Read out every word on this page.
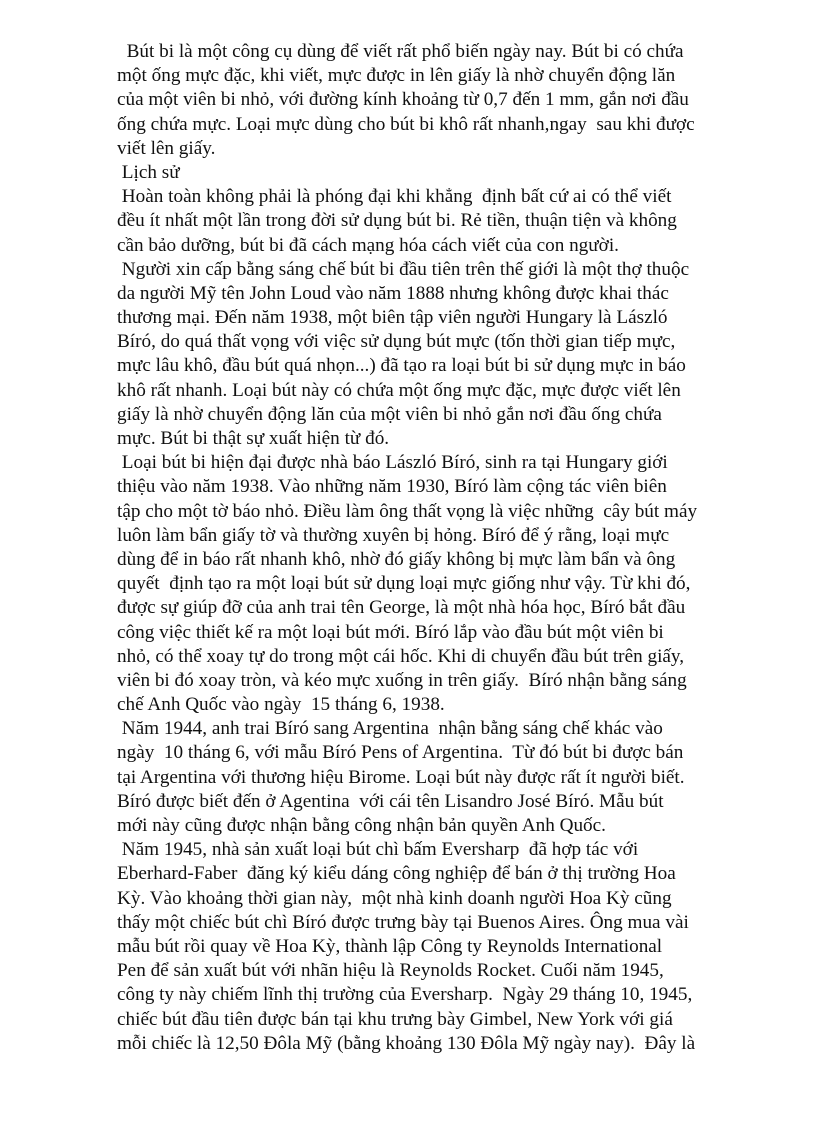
Bút bi là một công cụ dùng để viết rất phổ biến ngày nay. Bút bi có chứa
một ống mực đặc, khi viết, mực được in lên giấy là nhờ chuyển động lăn
của một viên bi nhỏ, với đường kính khoảng từ 0,7 đến 1 mm, gắn nơi đầu
ống chứa mực. Loại mực dùng cho bút bi khô rất nhanh,ngay  sau khi được
viết lên giấy.
Lịch sử
Hoàn toàn không phải là phóng đại khi khẳng  định bất cứ ai có thể viết
đều ít nhất một lần trong đời sử dụng bút bi. Rẻ tiền, thuận tiện và không
cần bảo dưỡng, bút bi đã cách mạng hóa cách viết của con người.
Người xin cấp bằng sáng chế bút bi đầu tiên trên thế giới là một thợ thuộc
da người Mỹ tên John Loud vào năm 1888 nhưng không được khai thác
thương mại. Đến năm 1938, một biên tập viên người Hungary là László
Bíró, do quá thất vọng với việc sử dụng bút mực (tốn thời gian tiếp mực,
mực lâu khô, đầu bút quá nhọn...) đã tạo ra loại bút bi sử dụng mực in báo
khô rất nhanh. Loại bút này có chứa một ống mực đặc, mực được viết lên
giấy là nhờ chuyển động lăn của một viên bi nhỏ gắn nơi đầu ống chứa
mực. Bút bi thật sự xuất hiện từ đó.
Loại bút bi hiện đại được nhà báo László Bíró, sinh ra tại Hungary giới
thiệu vào năm 1938. Vào những năm 1930, Bíró làm cộng tác viên biên
tập cho một tờ báo nhỏ. Điều làm ông thất vọng là việc những  cây bút máy
luôn làm bẩn giấy tờ và thường xuyên bị hỏng. Bíró để ý rằng, loại mực
dùng để in báo rất nhanh khô, nhờ đó giấy không bị mực làm bẩn và ông
quyết  định tạo ra một loại bút sử dụng loại mực giống như vậy. Từ khi đó,
được sự giúp đỡ của anh trai tên George, là một nhà hóa học, Bíró bắt đầu
công việc thiết kế ra một loại bút mới. Bíró lắp vào đầu bút một viên bi
nhỏ, có thể xoay tự do trong một cái hốc. Khi di chuyển đầu bút trên giấy,
viên bi đó xoay tròn, và kéo mực xuống in trên giấy.  Bíró nhận bằng sáng
chế Anh Quốc vào ngày  15 tháng 6, 1938.
Năm 1944, anh trai Bíró sang Argentina  nhận bằng sáng chế khác vào
ngày  10 tháng 6, với mẫu Bíró Pens of Argentina.  Từ đó bút bi được bán
tại Argentina với thương hiệu Birome. Loại bút này được rất ít người biết.
Bíró được biết đến ở Agentina  với cái tên Lisandro José Bíró. Mẫu bút
mới này cũng được nhận bằng công nhận bản quyền Anh Quốc.
Năm 1945, nhà sản xuất loại bút chì bấm Eversharp  đã hợp tác với
Eberhard-Faber  đăng ký kiểu dáng công nghiệp để bán ở thị trường Hoa
Kỳ. Vào khoảng thời gian này,  một nhà kinh doanh người Hoa Kỳ cũng
thấy một chiếc bút chì Bíró được trưng bày tại Buenos Aires. Ông mua vài
mẫu bút rồi quay về Hoa Kỳ, thành lập Công ty Reynolds International
Pen để sản xuất bút với nhãn hiệu là Reynolds Rocket. Cuối năm 1945,
công ty này chiếm lĩnh thị trường của Eversharp.  Ngày 29 tháng 10, 1945,
chiếc bút đầu tiên được bán tại khu trưng bày Gimbel, New York với giá
mỗi chiếc là 12,50 Đôla Mỹ (bằng khoảng 130 Đôla Mỹ ngày nay).  Đây là
